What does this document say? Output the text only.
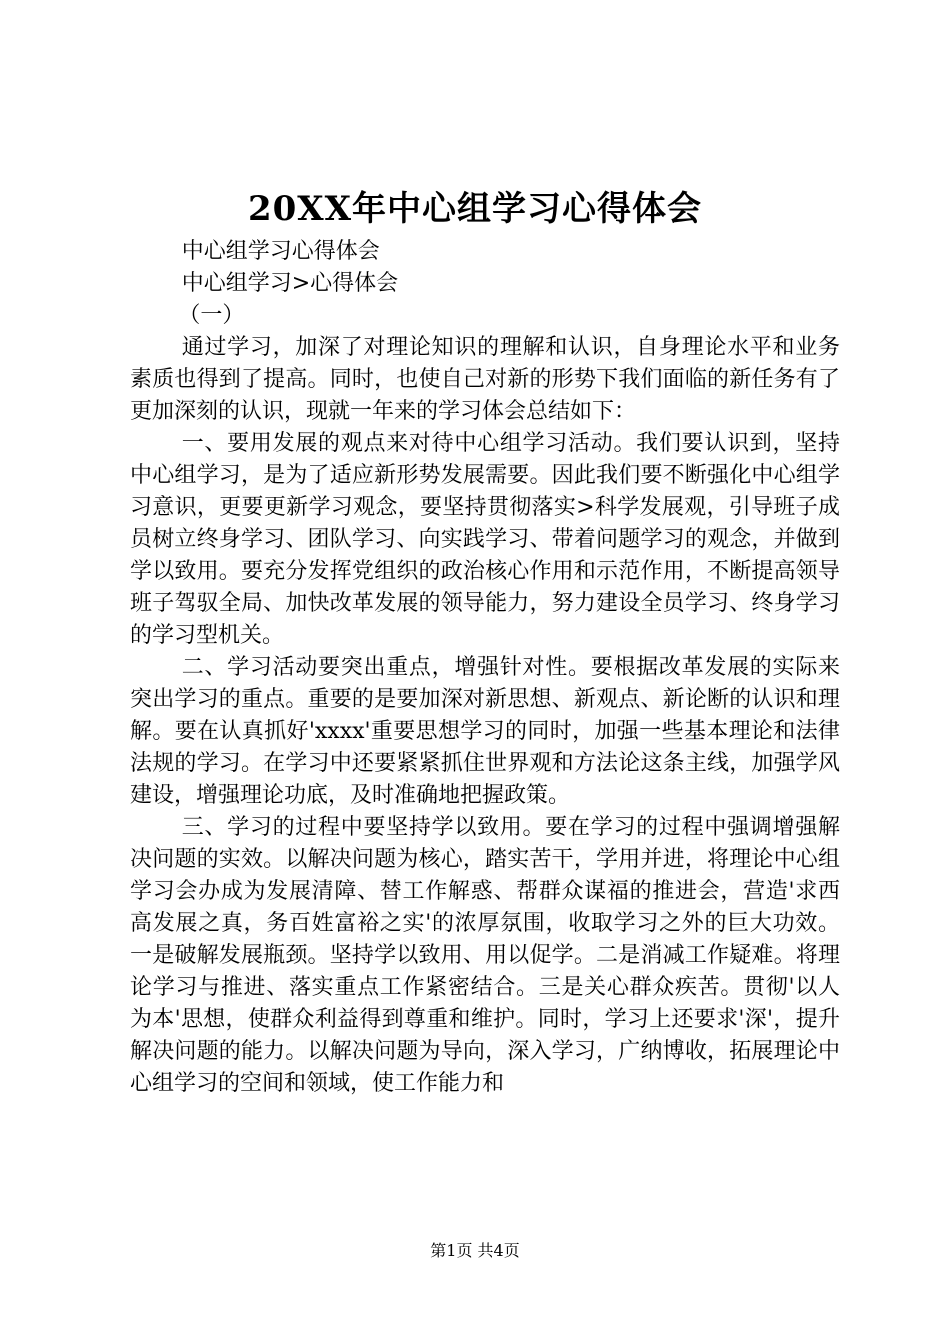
20XX年中心组学习心得体会

中心组学习心得体会

中心组学习>心得体会

（一）

通过学习，加深了对理论知识的理解和认识，自身理论水平和业务素质也得到了提高。同时，也使自己对新的形势下我们面临的新任务有了更加深刻的认识，现就一年来的学习体会总结如下：

一、要用发展的观点来对待中心组学习活动。我们要认识到，坚持中心组学习，是为了适应新形势发展需要。因此我们要不断强化中心组学习意识，更要更新学习观念，要坚持贯彻落实>科学发展观，引导班子成员树立终身学习、团队学习、向实践学习、带着问题学习的观念，并做到学以致用。要充分发挥党组织的政治核心作用和示范作用，不断提高领导班子驾驭全局、加快改革发展的领导能力，努力建设全员学习、终身学习的学习型机关。

二、学习活动要突出重点，增强针对性。要根据改革发展的实际来突出学习的重点。重要的是要加深对新思想、新观点、新论断的认识和理解。要在认真抓好'xxxx'重要思想学习的同时，加强一些基本理论和法律法规的学习。在学习中还要紧紧抓住世界观和方法论这条主线，加强学风建设，增强理论功底，及时准确地把握政策。

三、学习的过程中要坚持学以致用。要在学习的过程中强调增强解决问题的实效。以解决问题为核心，踏实苦干，学用并进，将理论中心组学习会办成为发展清障、替工作解惑、帮群众谋福的推进会，营造'求西高发展之真，务百姓富裕之实'的浓厚氛围，收取学习之外的巨大功效。一是破解发展瓶颈。坚持学以致用、用以促学。二是消减工作疑难。将理论学习与推进、落实重点工作紧密结合。三是关心群众疾苦。贯彻'以人为本'思想，使群众利益得到尊重和维护。同时，学习上还要求'深'，提升解决问题的能力。以解决问题为导向，深入学习，广纳博收，拓展理论中心组学习的空间和领域，使工作能力和

第1页 共4页
